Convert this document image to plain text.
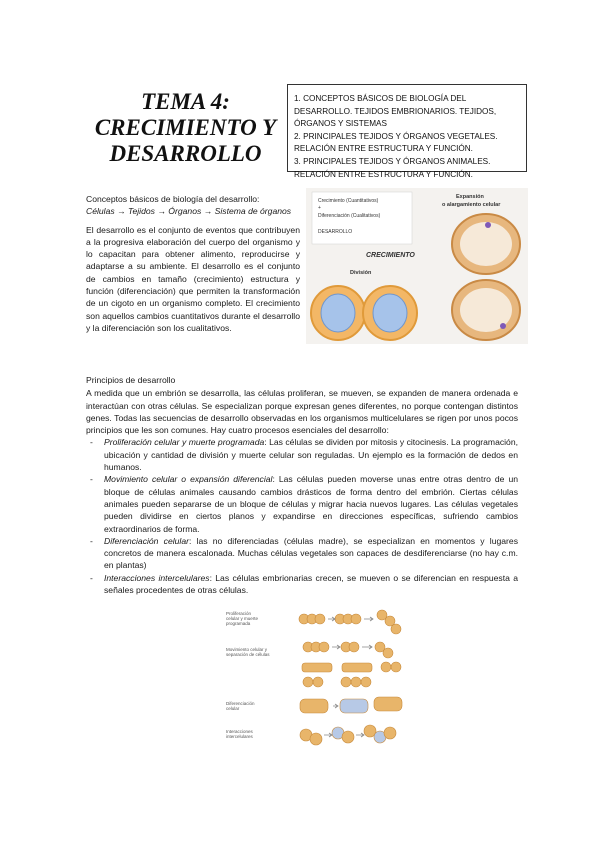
TEMA 4:
CRECIMIENTO Y
DESARROLLO
1. CONCEPTOS BÁSICOS DE BIOLOGÍA DEL DESARROLLO. TEJIDOS EMBRIONARIOS. TEJIDOS, ÓRGANOS Y SISTEMAS
2. PRINCIPALES TEJIDOS Y ÓRGANOS VEGETALES. RELACIÓN ENTRE ESTRUCTURA Y FUNCIÓN.
3. PRINCIPALES TEJIDOS Y ÓRGANOS ANIMALES. RELACIÓN ENTRE ESTRUCTURA Y FUNCIÓN.
Conceptos básicos de biología del desarrollo:
Células → Tejidos → Órganos → Sistema de órganos

El desarrollo es el conjunto de eventos que contribuyen a la progresiva elaboración del cuerpo del organismo y lo capacitan para obtener alimento, reproducirse y adaptarse a su ambiente. El desarrollo es el conjunto de cambios en tamaño (crecimiento) estructura y función (diferenciación) que permiten la transformación de un cigoto en un organismo completo. El crecimiento son aquellos cambios cuantitativos durante el desarrollo y la diferenciación son los cualitativos.

Crecimiento (Cuantitativos)
+
Diferenciación (Cualitativos)
DESARROLLO
CRECIMIENTO
División
Expansión
o alargamiento celular
Principios de desarrollo
A medida que un embrión se desarrolla, las células proliferan, se mueven, se expanden de manera ordenada e interactúan con otras células. Se especializan porque expresan genes diferentes, no porque contengan distintos genes. Todas las secuencias de desarrollo observadas en los organismos multicelulares se rigen por unos pocos principios que les son comunes. Hay cuatro procesos esenciales del desarrollo:
- Proliferación celular y muerte programada: Las células se dividen por mitosis y citocinesis. La programación, ubicación y cantidad de división y muerte celular son reguladas. Un ejemplo es la formación de dedos en humanos.
- Movimiento celular o expansión diferencial: Las células pueden moverse unas entre otras dentro de un bloque de células animales causando cambios drásticos de forma dentro del embrión. Ciertas células animales pueden separarse de un bloque de células y migrar hacia nuevos lugares. Las células vegetales pueden dividirse en ciertos planos y expandirse en direcciones específicas, sufriendo cambios extraordinarios de forma.
- Diferenciación celular: las no diferenciadas (células madre), se especializan en momentos y lugares concretos de manera escalonada. Muchas células vegetales son capaces de desdiferenciarse (no hay c.m. en plantas)
- Interacciones intercelulares: Las células embrionarias crecen, se mueven o se diferencian en respuesta a señales procedentes de otras células.
Proliferación
celular y muerte
programada
Movimiento celular y
separación de células
Diferenciación
celular
Interacciones
intercelulares
